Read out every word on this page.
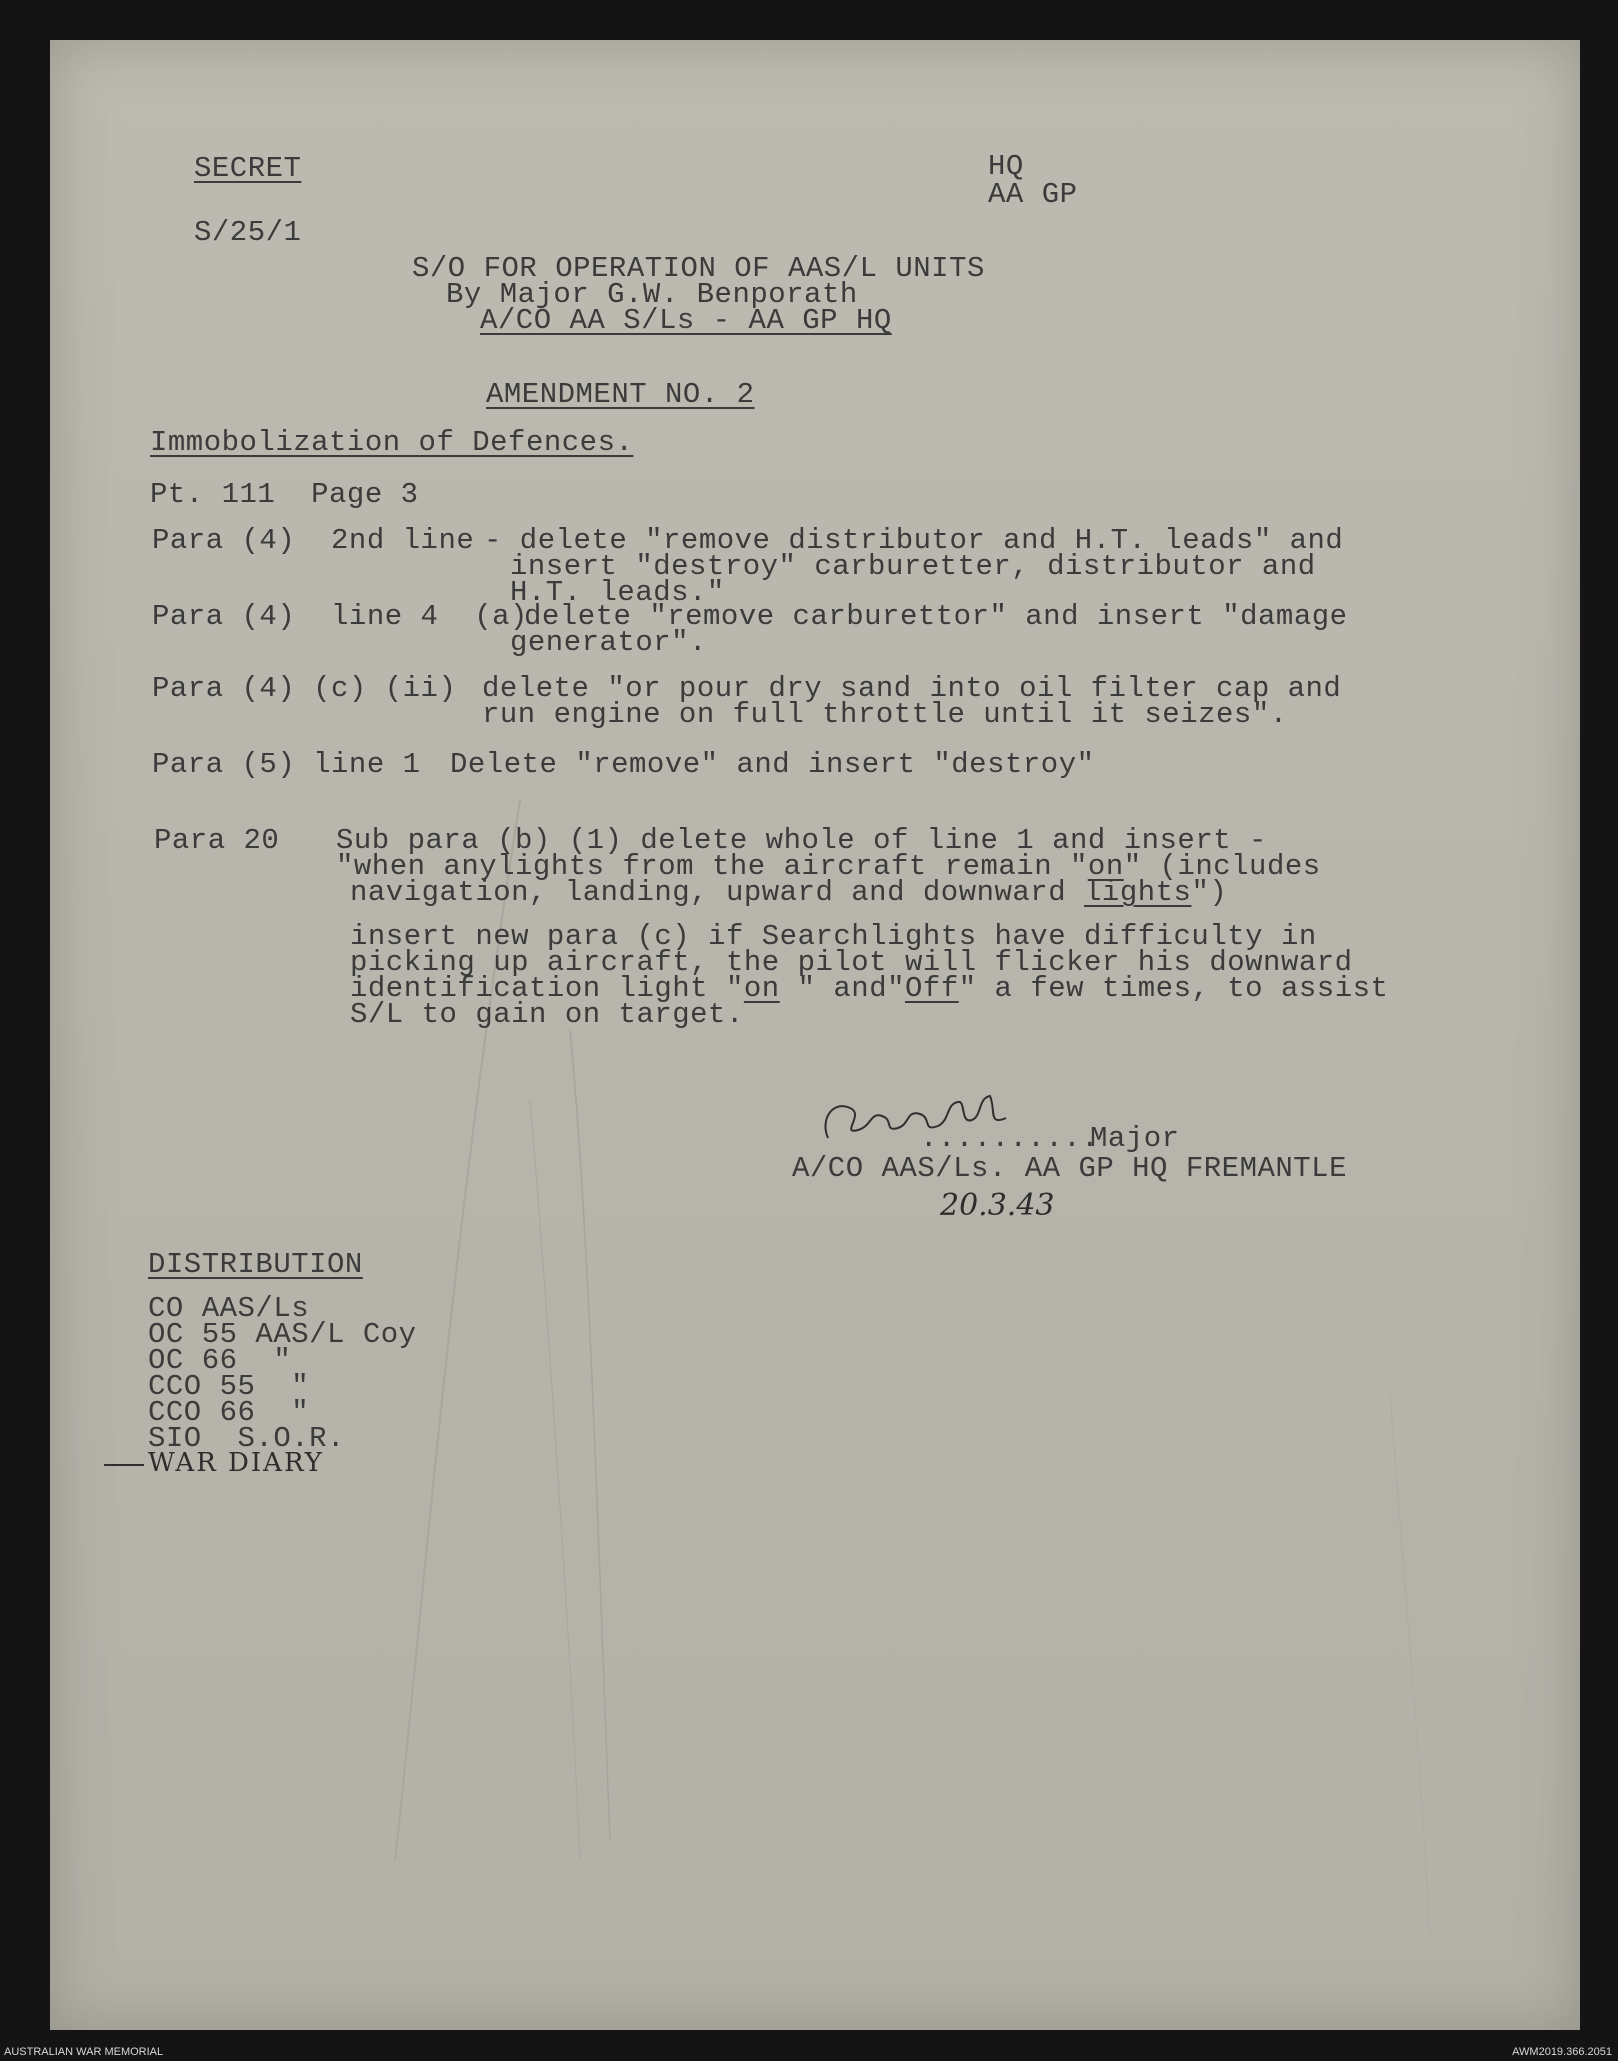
SECRET
S/25/1
HQ
AA GP
S/O FOR OPERATION OF AAS/L UNITS
By Major G.W. Benporath
A/CO AA S/Ls - AA GP HQ
AMENDMENT NO. 2
Immobolization of Defences.
Pt. 111  Page 3
Para (4)  2nd line - delete "remove distributor and H.T. leads" and
insert "destroy" carburetter, distributor and
H.T. leads."
Para (4)  line 4  (a)
delete "remove carburettor" and insert "damage
generator".
Para (4) (c) (ii) delete "or pour dry sand into oil filter cap and
run engine on full throttle until it seizes".
Para (5) line 1 Delete "remove" and insert "destroy"
Para 20 Sub para (b) (1) delete whole of line 1 and insert -
"when anylights from the aircraft remain "on" (includes
navigation, landing, upward and downward lights")
insert new para (c) if Searchlights have difficulty in
picking up aircraft, the pilot will flicker his downward
identification light "on " and"Off" a few times, to assist
S/L to gain on target.
..........
Major
A/CO AAS/Ls. AA GP HQ FREMANTLE
20.3.43
DISTRIBUTION
CO AAS/Ls
OC 55 AAS/L Coy
OC 66  "
CCO 55  "
CCO 66  "
SIO  S.O.R.
WAR DIARY
AUSTRALIAN WAR MEMORIAL	AWM2019.366.2051
